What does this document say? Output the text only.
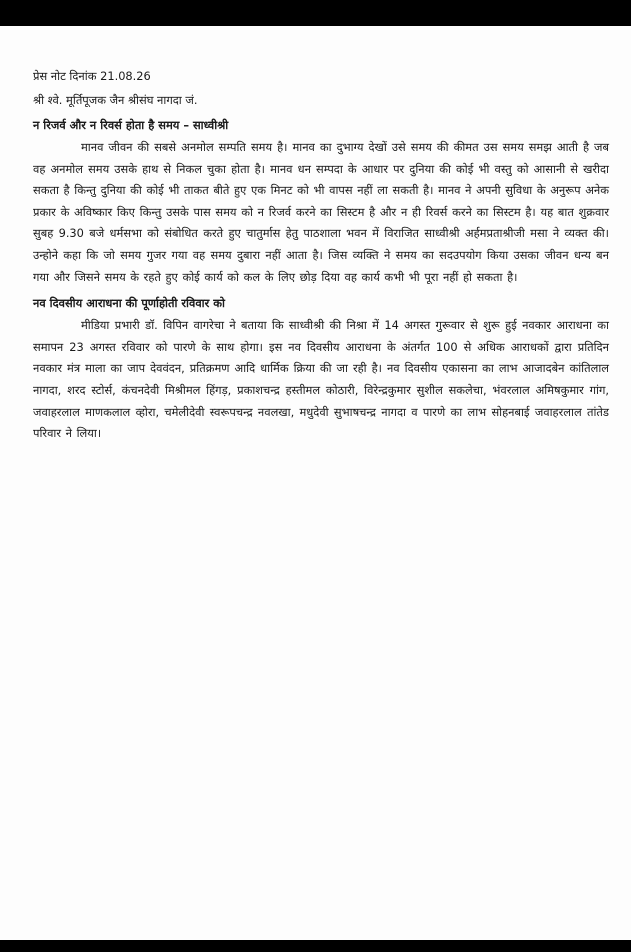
प्रेस नोट दिनांक 21.08.26

श्री श्वे. मूर्तिपूजक जैन श्रीसंघ नागदा जं.

न रिजर्व और न रिवर्स होता है समय – साध्वीश्री

मानव जीवन की सबसे अनमोल सम्पति समय है। मानव का दुभाग्य देखों उसे समय की कीमत उस समय समझ आती है जब वह अनमोल समय उसके हाथ से निकल चुका होता है। मानव धन सम्पदा के आधार पर दुनिया की कोई भी वस्तु को आसानी से खरीदा सकता है किन्तु दुनिया की कोई भी ताकत बीते हुए एक मिनट को भी वापस नहीं ला सकती है। मानव ने अपनी सुविधा के अनुरूप अनेक प्रकार के अविष्कार किए किन्तु उसके पास समय को न रिजर्व करने का सिस्टम है और न ही रिवर्स करने का सिस्टम है। यह बात शुक्रवार सुबह 9.30 बजे धर्मसभा को संबोधित करते हुए चातुर्मास हेतु पाठशाला भवन में विराजित साध्वीश्री अर्हमप्रताश्रीजी मसा ने व्यक्त की। उन्होने कहा कि जो समय गुजर गया वह समय दुबारा नहीं आता है। जिस व्यक्ति ने समय का सदउपयोग किया उसका जीवन धन्य बन गया और जिसने समय के रहते हुए कोई कार्य को कल के लिए छोड़ दिया वह कार्य कभी भी पूरा नहीं हो सकता है।

नव दिवसीय आराधना की पूर्णाहोती रविवार को

मीडिया प्रभारी डॉ. विपिन वागरेचा ने बताया कि साध्वीश्री की निश्रा में 14 अगस्त गुरूवार से शुरू हुई नवकार आराधना का समापन 23 अगस्त रविवार को पारणे के साथ होगा। इस नव दिवसीय आराधना के अंतर्गत 100 से अधिक आराधकों द्वारा प्रतिदिन नवकार मंत्र माला का जाप देववंदन, प्रतिक्रमण आदि धार्मिक क्रिया की जा रही है। नव दिवसीय एकासना का लाभ आजादबेन कांतिलाल नागदा, शरद स्टोर्स, कंचनदेवी मिश्रीमल हिंगड़, प्रकाशचन्द्र हस्तीमल कोठारी, विरेन्द्रकुमार सुशील सकलेचा, भंवरलाल अमिषकुमार गांग, जवाहरलाल माणकलाल व्होरा, चमेलीदेवी स्वरूपचन्द्र नवलखा, मधुदेवी सुभाषचन्द्र नागदा व पारणे का लाभ सोहनबाई जवाहरलाल तांतेड परिवार ने लिया।
